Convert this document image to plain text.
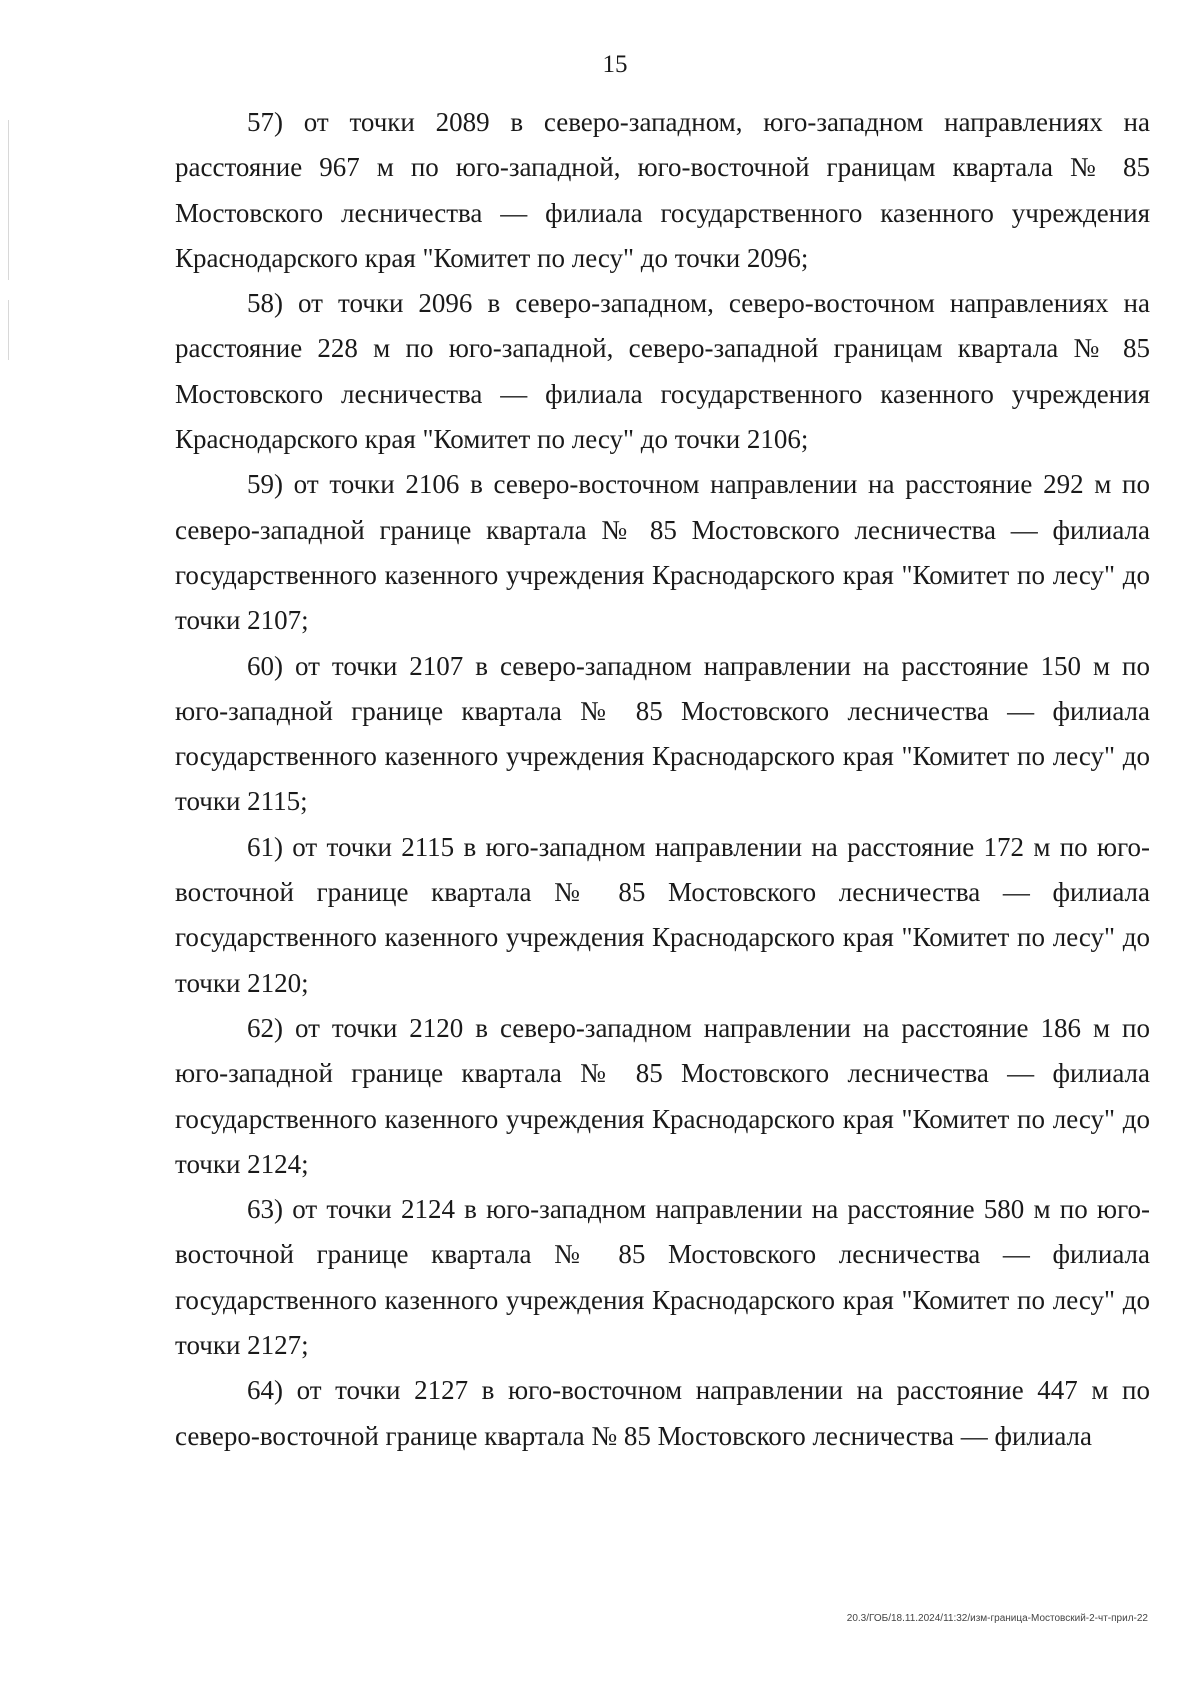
15

57) от точки 2089 в северо-западном, юго-западном направлениях на расстояние 967 м по юго-западной, юго-восточной границам квартала № 85 Мостовского лесничества — филиала государственного казенного учреждения Краснодарского края "Комитет по лесу" до точки 2096;

58) от точки 2096 в северо-западном, северо-восточном направлениях на расстояние 228 м по юго-западной, северо-западной границам квартала № 85 Мостовского лесничества — филиала государственного казенного учреждения Краснодарского края "Комитет по лесу" до точки 2106;

59) от точки 2106 в северо-восточном направлении на расстояние 292 м по северо-западной границе квартала № 85 Мостовского лесничества — филиала государственного казенного учреждения Краснодарского края "Комитет по лесу" до точки 2107;

60) от точки 2107 в северо-западном направлении на расстояние 150 м по юго-западной границе квартала № 85 Мостовского лесничества — филиала государственного казенного учреждения Краснодарского края "Комитет по лесу" до точки 2115;

61) от точки 2115 в юго-западном направлении на расстояние 172 м по юго-восточной границе квартала № 85 Мостовского лесничества — филиала государственного казенного учреждения Краснодарского края "Комитет по лесу" до точки 2120;

62) от точки 2120 в северо-западном направлении на расстояние 186 м по юго-западной границе квартала № 85 Мостовского лесничества — филиала государственного казенного учреждения Краснодарского края "Комитет по лесу" до точки 2124;

63) от точки 2124 в юго-западном направлении на расстояние 580 м по юго-восточной границе квартала № 85 Мостовского лесничества — филиала государственного казенного учреждения Краснодарского края "Комитет по лесу" до точки 2127;

64) от точки 2127 в юго-восточном направлении на расстояние 447 м по северо-восточной границе квартала № 85 Мостовского лесничества — филиала

20.3/ГОБ/18.11.2024/11:32/изм-граница-Мостовский-2-чт-прил-22
